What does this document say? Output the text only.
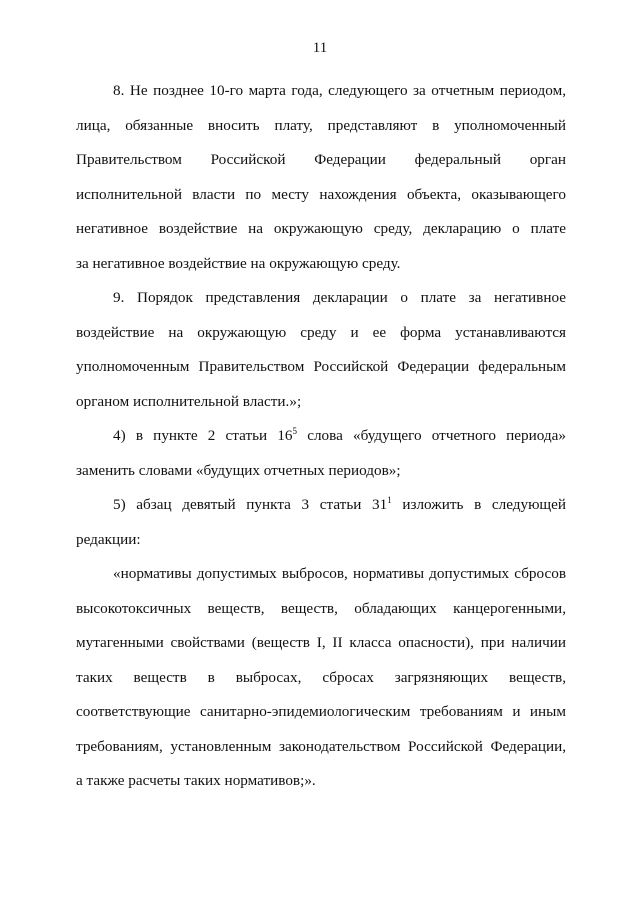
11
8. Не позднее 10-го марта года, следующего за отчетным периодом,
лица, обязанные вносить плату, представляют в уполномоченный
Правительством Российской Федерации федеральный орган
исполнительной власти по месту нахождения объекта, оказывающего
негативное воздействие на окружающую среду, декларацию о плате
за негативное воздействие на окружающую среду.
9. Порядок представления декларации о плате за негативное
воздействие на окружающую среду и ее форма устанавливаются
уполномоченным Правительством Российской Федерации федеральным
органом исполнительной власти.»;
4) в пункте 2 статьи $16^5$ слова «будущего отчетного периода»
заменить словами «будущих отчетных периодов»;
5) абзац девятый пункта 3 статьи $31^1$ изложить в следующей
редакции:
«нормативы допустимых выбросов, нормативы допустимых сбросов
высокотоксичных веществ, веществ, обладающих канцерогенными,
мутагенными свойствами (веществ I, II класса опасности), при наличии
таких веществ в выбросах, сбросах загрязняющих веществ,
соответствующие санитарно-эпидемиологическим требованиям и иным
требованиям, установленным законодательством Российской Федерации,
а также расчеты таких нормативов;».
